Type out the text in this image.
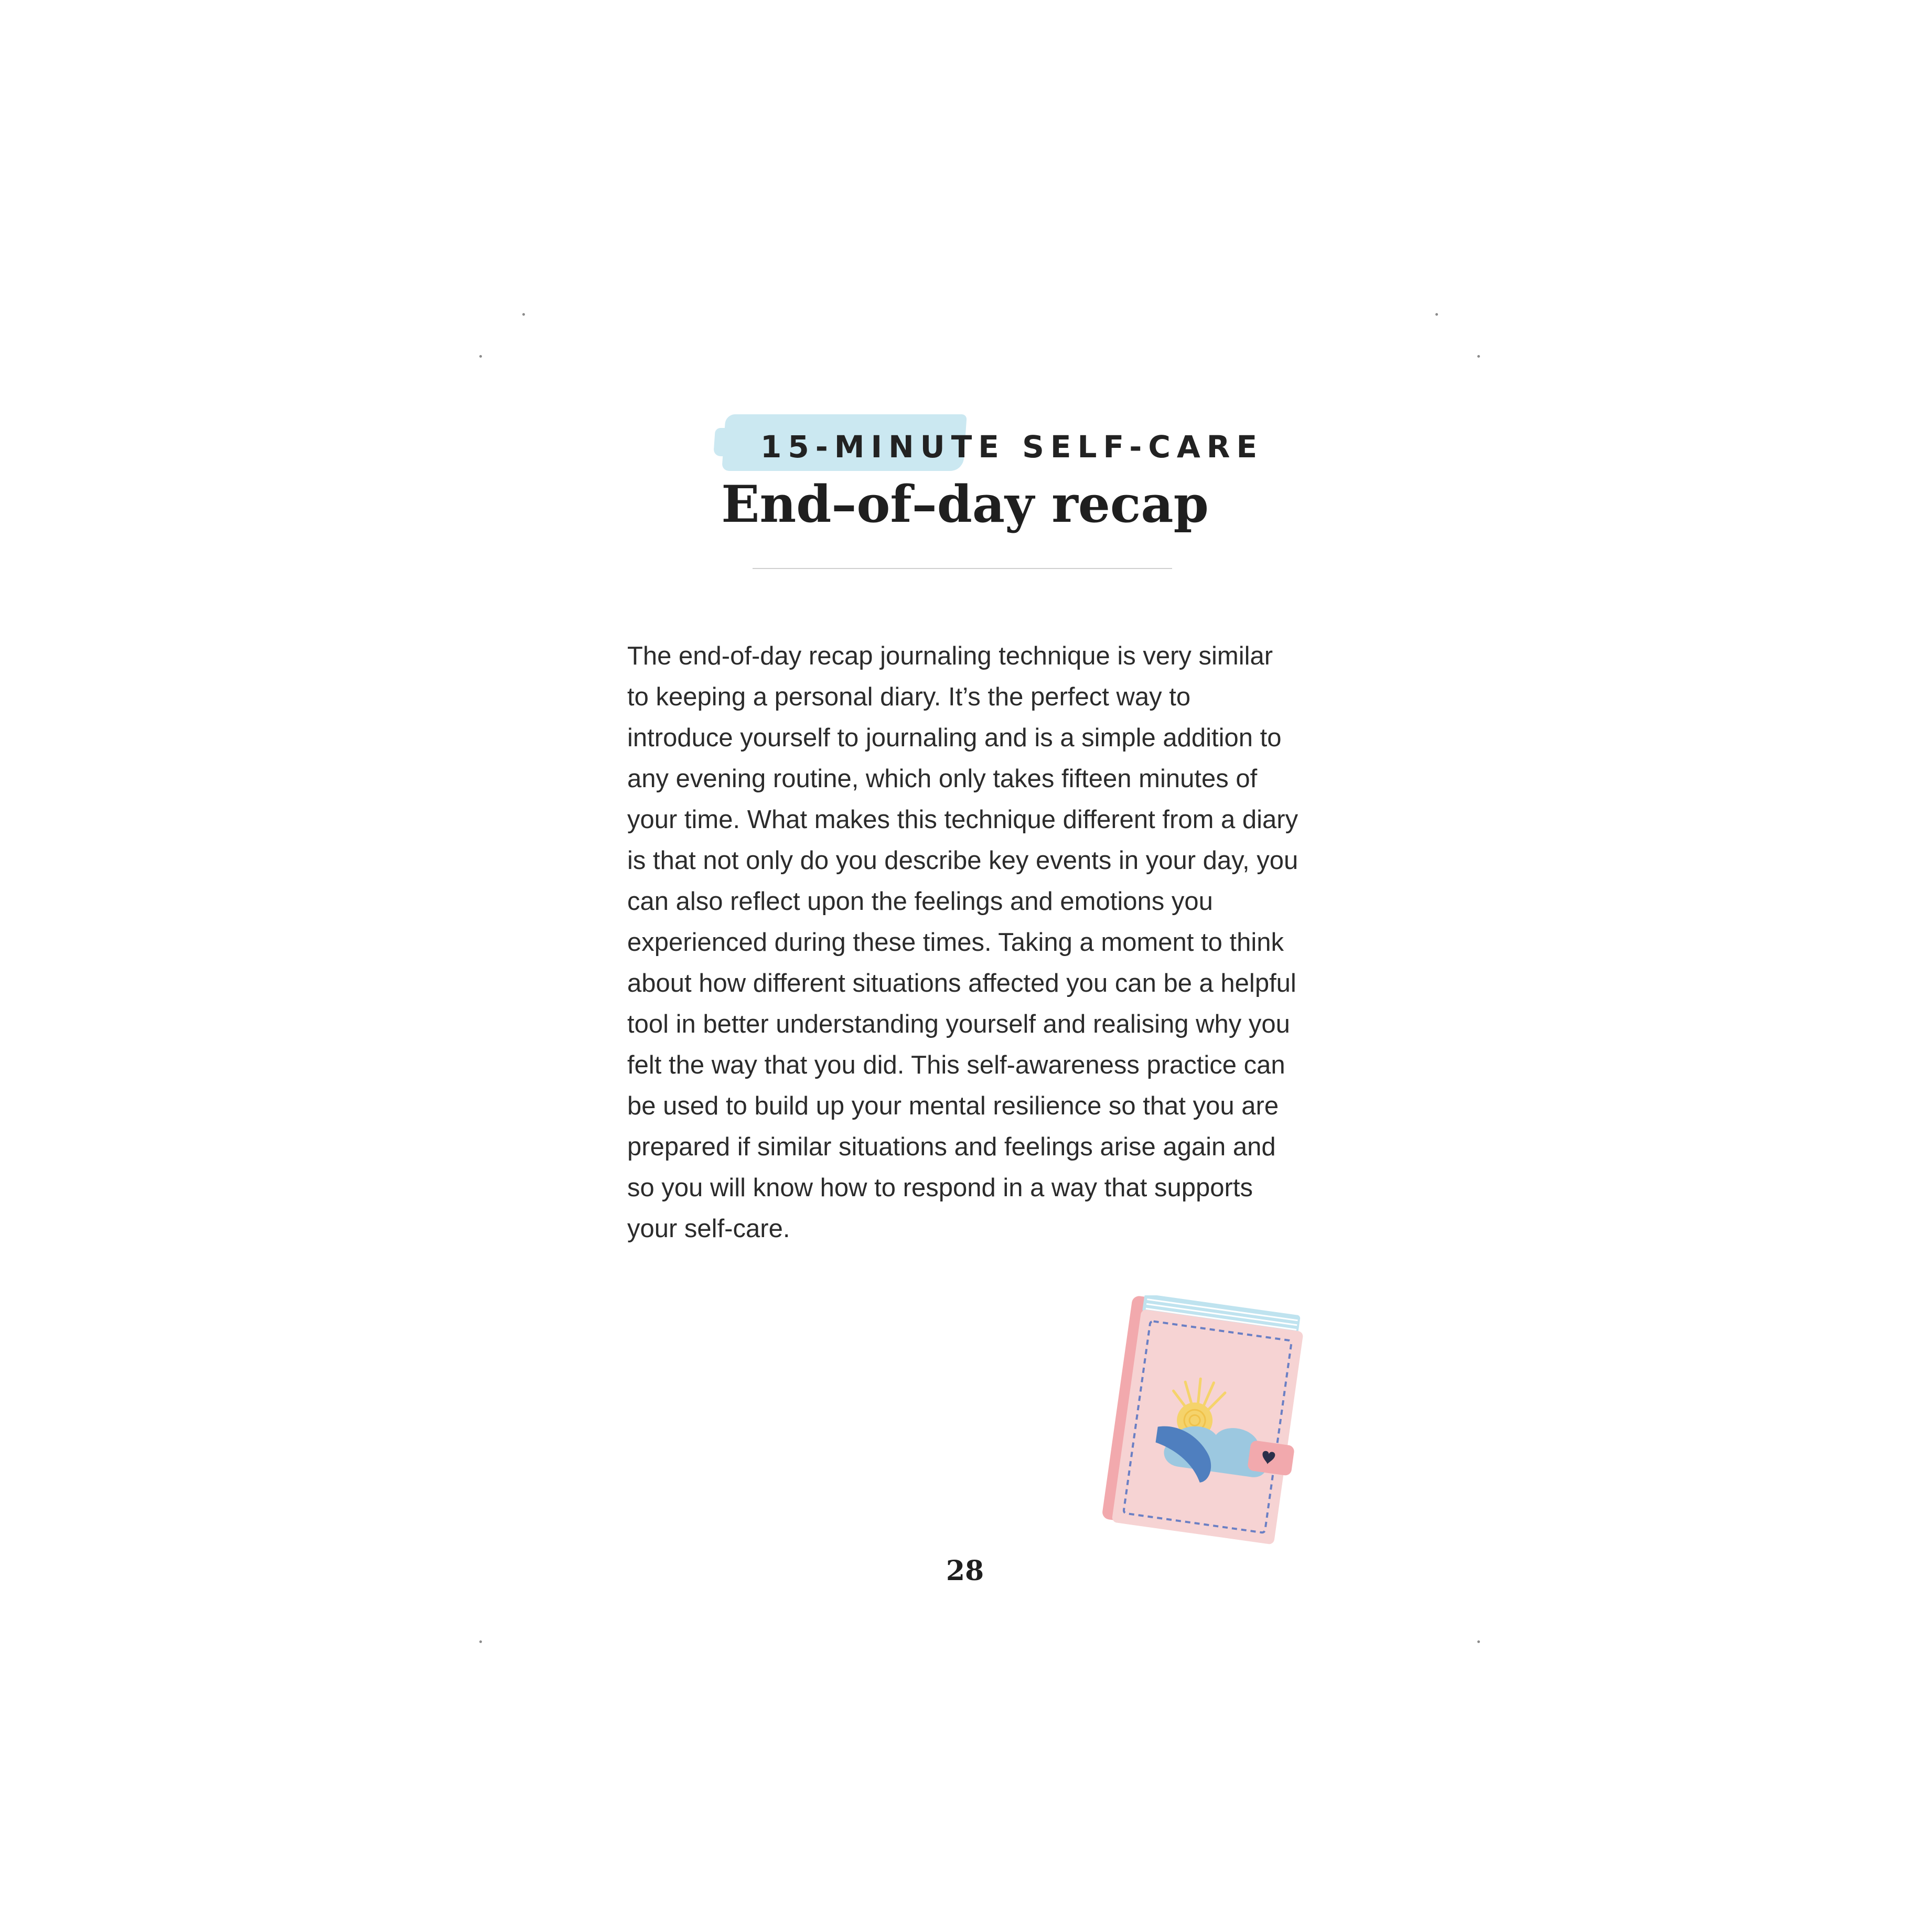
15-MINUTE SELF-CARE
End–of–day recap
The end-of-day recap journaling technique is very similar to keeping a personal diary. It’s the perfect way to introduce yourself to journaling and is a simple addition to any evening routine, which only takes fifteen minutes of your time. What makes this technique different from a diary is that not only do you describe key events in your day, you can also reflect upon the feelings and emotions you experienced during these times. Taking a moment to think about how different situations affected you can be a helpful tool in better understanding yourself and realising why you felt the way that you did. This self-awareness practice can be used to build up your mental resilience so that you are prepared if similar situations and feelings arise again and so you will know how to respond in a way that supports your self-care.
28
